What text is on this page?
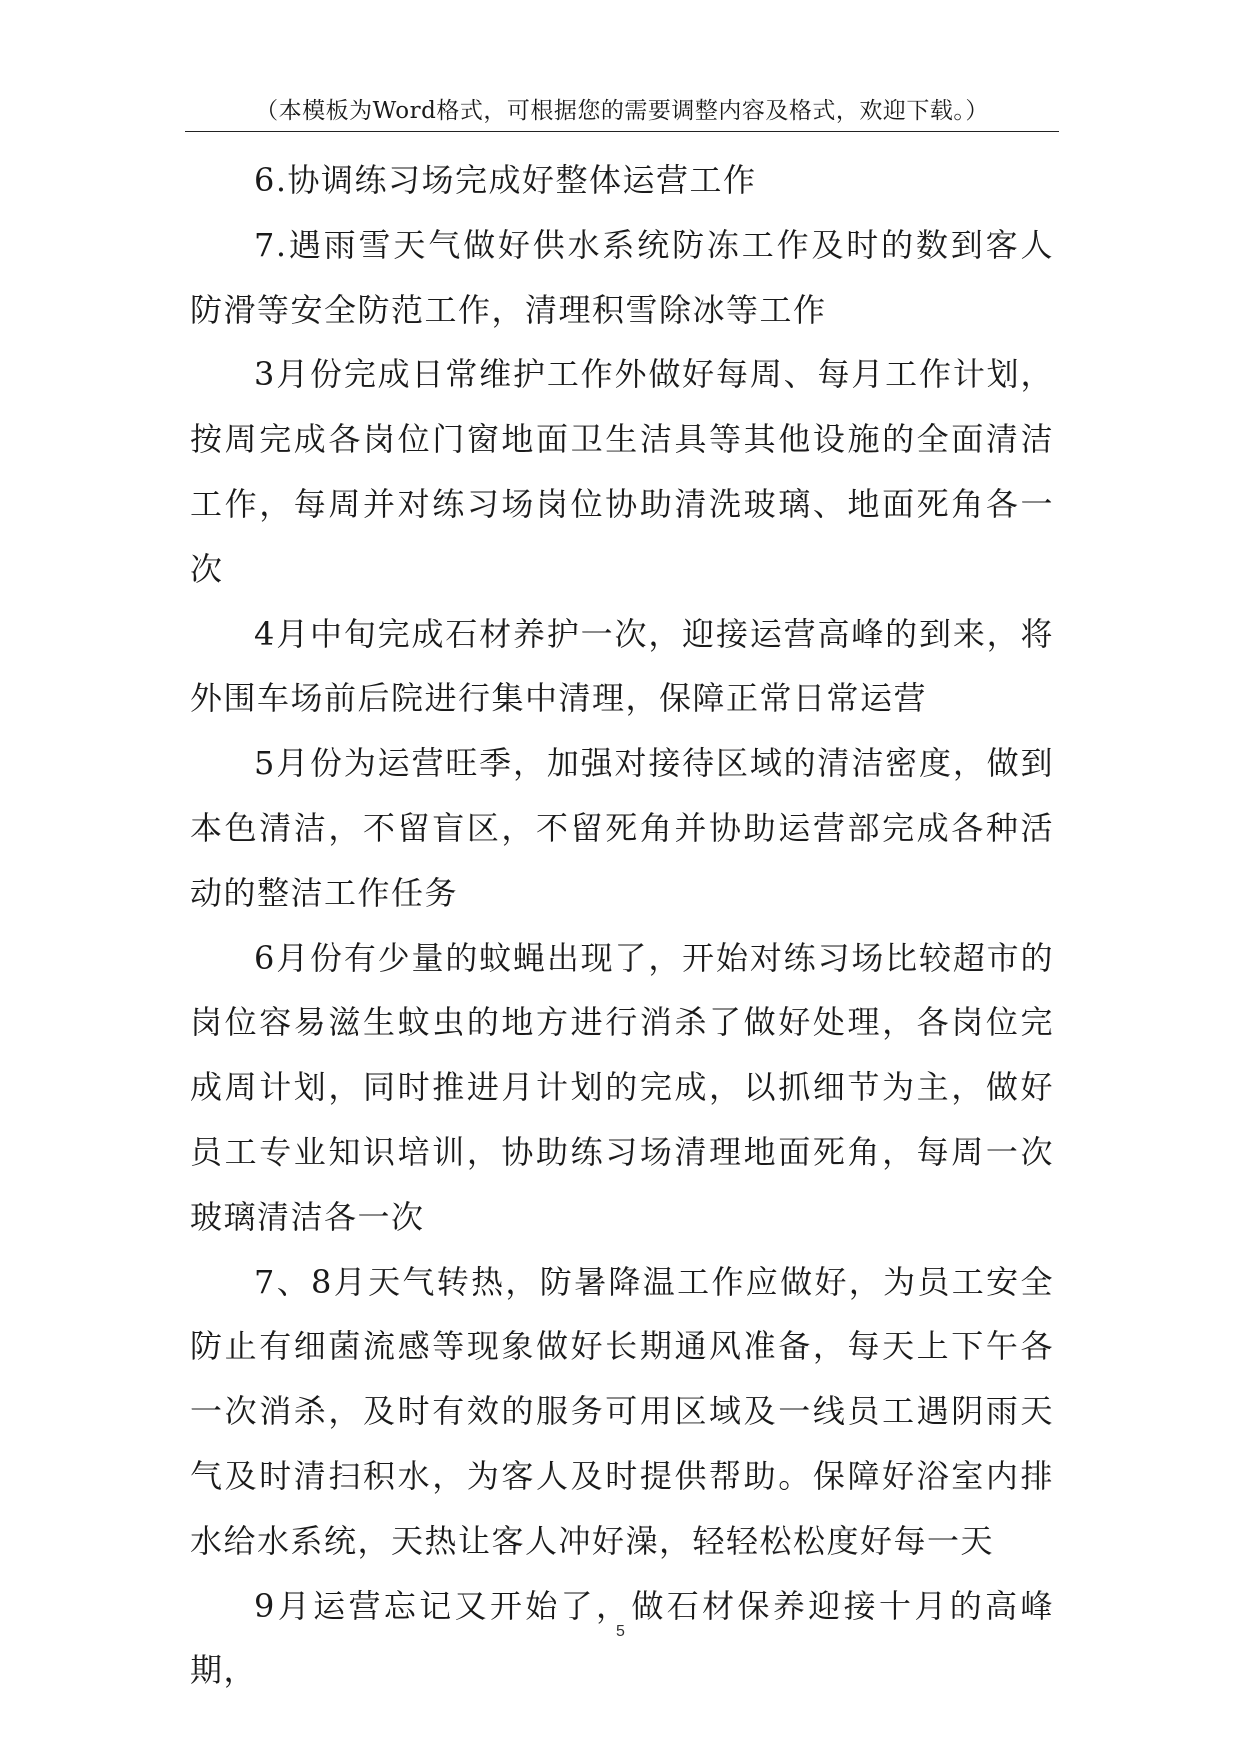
（本模板为Word格式，可根据您的需要调整内容及格式，欢迎下载。）

6.协调练习场完成好整体运营工作

7.遇雨雪天气做好供水系统防冻工作及时的数到客人防滑等安全防范工作，清理积雪除冰等工作

3月份完成日常维护工作外做好每周、每月工作计划，按周完成各岗位门窗地面卫生洁具等其他设施的全面清洁工作，每周并对练习场岗位协助清洗玻璃、地面死角各一次

4月中旬完成石材养护一次，迎接运营高峰的到来，将外围车场前后院进行集中清理，保障正常日常运营

5月份为运营旺季，加强对接待区域的清洁密度，做到本色清洁，不留盲区，不留死角并协助运营部完成各种活动的整洁工作任务

6月份有少量的蚊蝇出现了，开始对练习场比较超市的岗位容易滋生蚊虫的地方进行消杀了做好处理，各岗位完成周计划，同时推进月计划的完成，以抓细节为主，做好员工专业知识培训，协助练习场清理地面死角，每周一次玻璃清洁各一次

7、8月天气转热，防暑降温工作应做好，为员工安全防止有细菌流感等现象做好长期通风准备，每天上下午各一次消杀，及时有效的服务可用区域及一线员工遇阴雨天气及时清扫积水，为客人及时提供帮助。保障好浴室内排水给水系统，天热让客人冲好澡，轻轻松松度好每一天

9月运营忘记又开始了，做石材保养迎接十月的高峰期，

5
